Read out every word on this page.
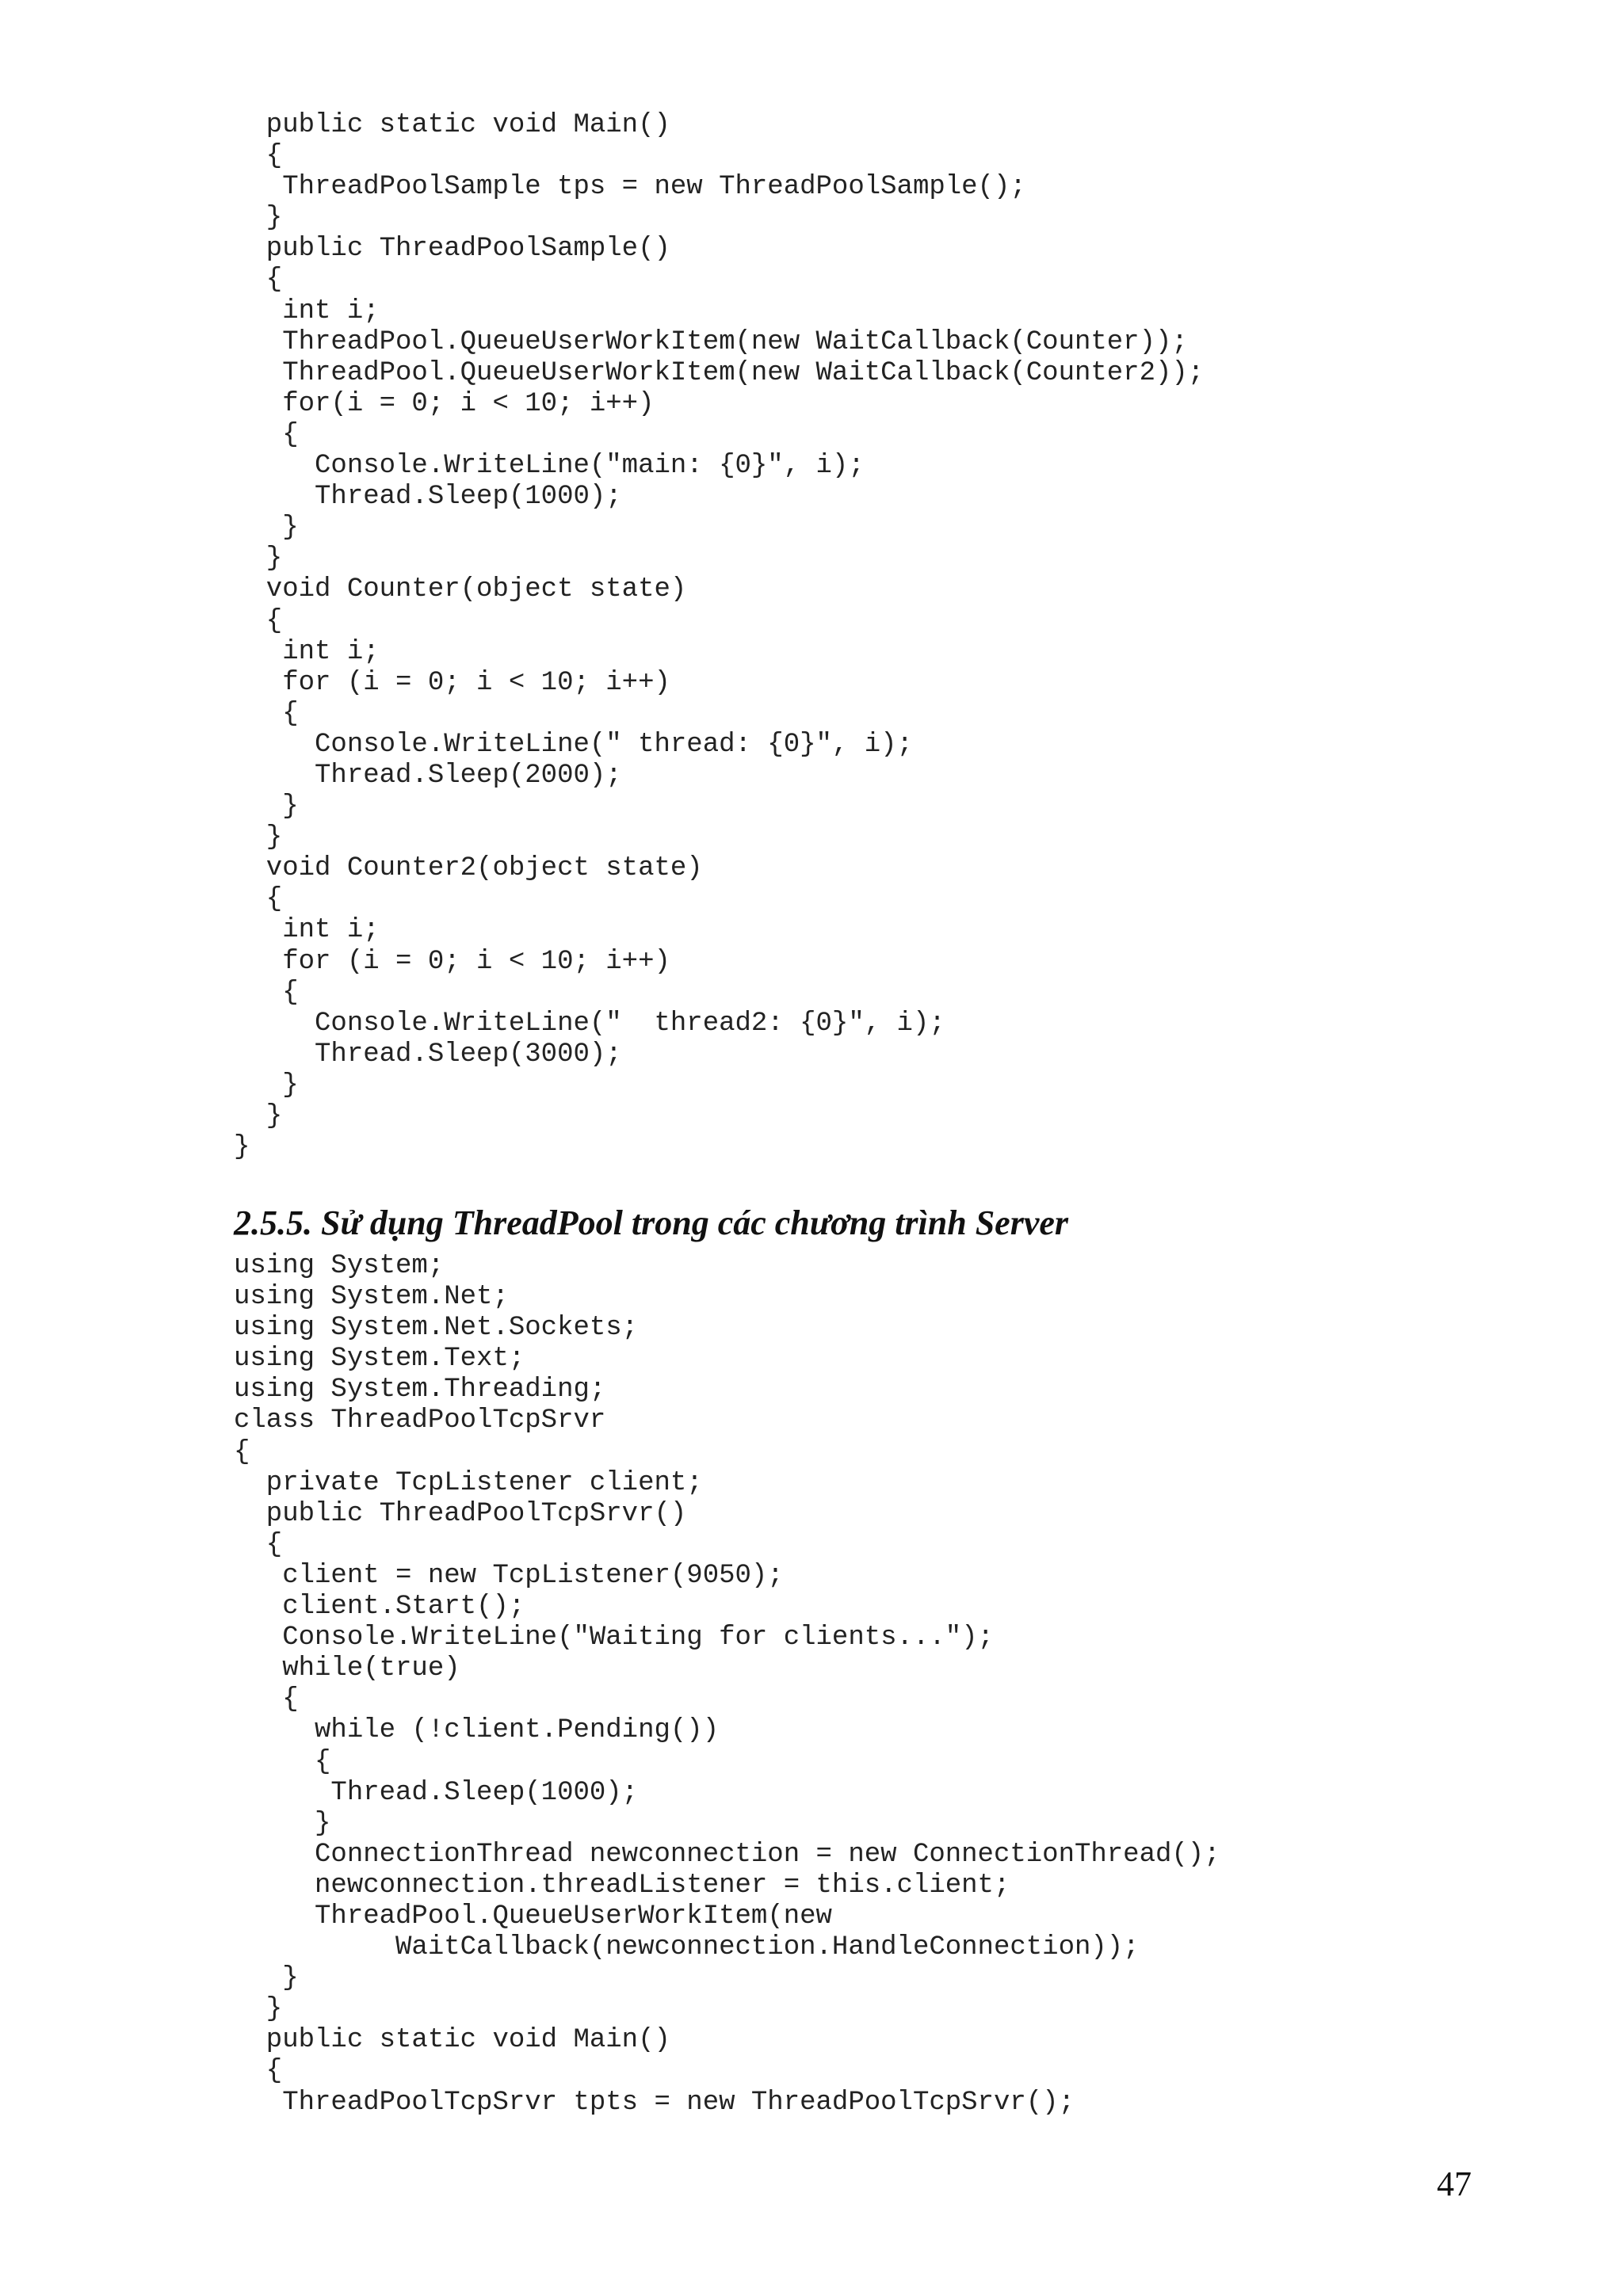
public static void Main()
{
ThreadPoolSample tps = new ThreadPoolSample();
}
public ThreadPoolSample()
{
int i;
ThreadPool.QueueUserWorkItem(new WaitCallback(Counter));
ThreadPool.QueueUserWorkItem(new WaitCallback(Counter2));
for(i = 0; i < 10; i++)
{
Console.WriteLine("main: {0}", i);
Thread.Sleep(1000);
}
}
void Counter(object state)
{
int i;
for (i = 0; i < 10; i++)
{
Console.WriteLine(" thread: {0}", i);
Thread.Sleep(2000);
}
}
void Counter2(object state)
{
int i;
for (i = 0; i < 10; i++)
{
Console.WriteLine("  thread2: {0}", i);
Thread.Sleep(3000);
}
}
}
2.5.5. Sử dụng ThreadPool trong các chương trình Server
using System;
using System.Net;
using System.Net.Sockets;
using System.Text;
using System.Threading;
class ThreadPoolTcpSrvr
{
private TcpListener client;
public ThreadPoolTcpSrvr()
{
client = new TcpListener(9050);
client.Start();
Console.WriteLine("Waiting for clients...");
while(true)
{
while (!client.Pending())
{
Thread.Sleep(1000);
}
ConnectionThread newconnection = new ConnectionThread();
newconnection.threadListener = this.client;
ThreadPool.QueueUserWorkItem(new
WaitCallback(newconnection.HandleConnection));
}
}
public static void Main()
{
ThreadPoolTcpSrvr tpts = new ThreadPoolTcpSrvr();
47
